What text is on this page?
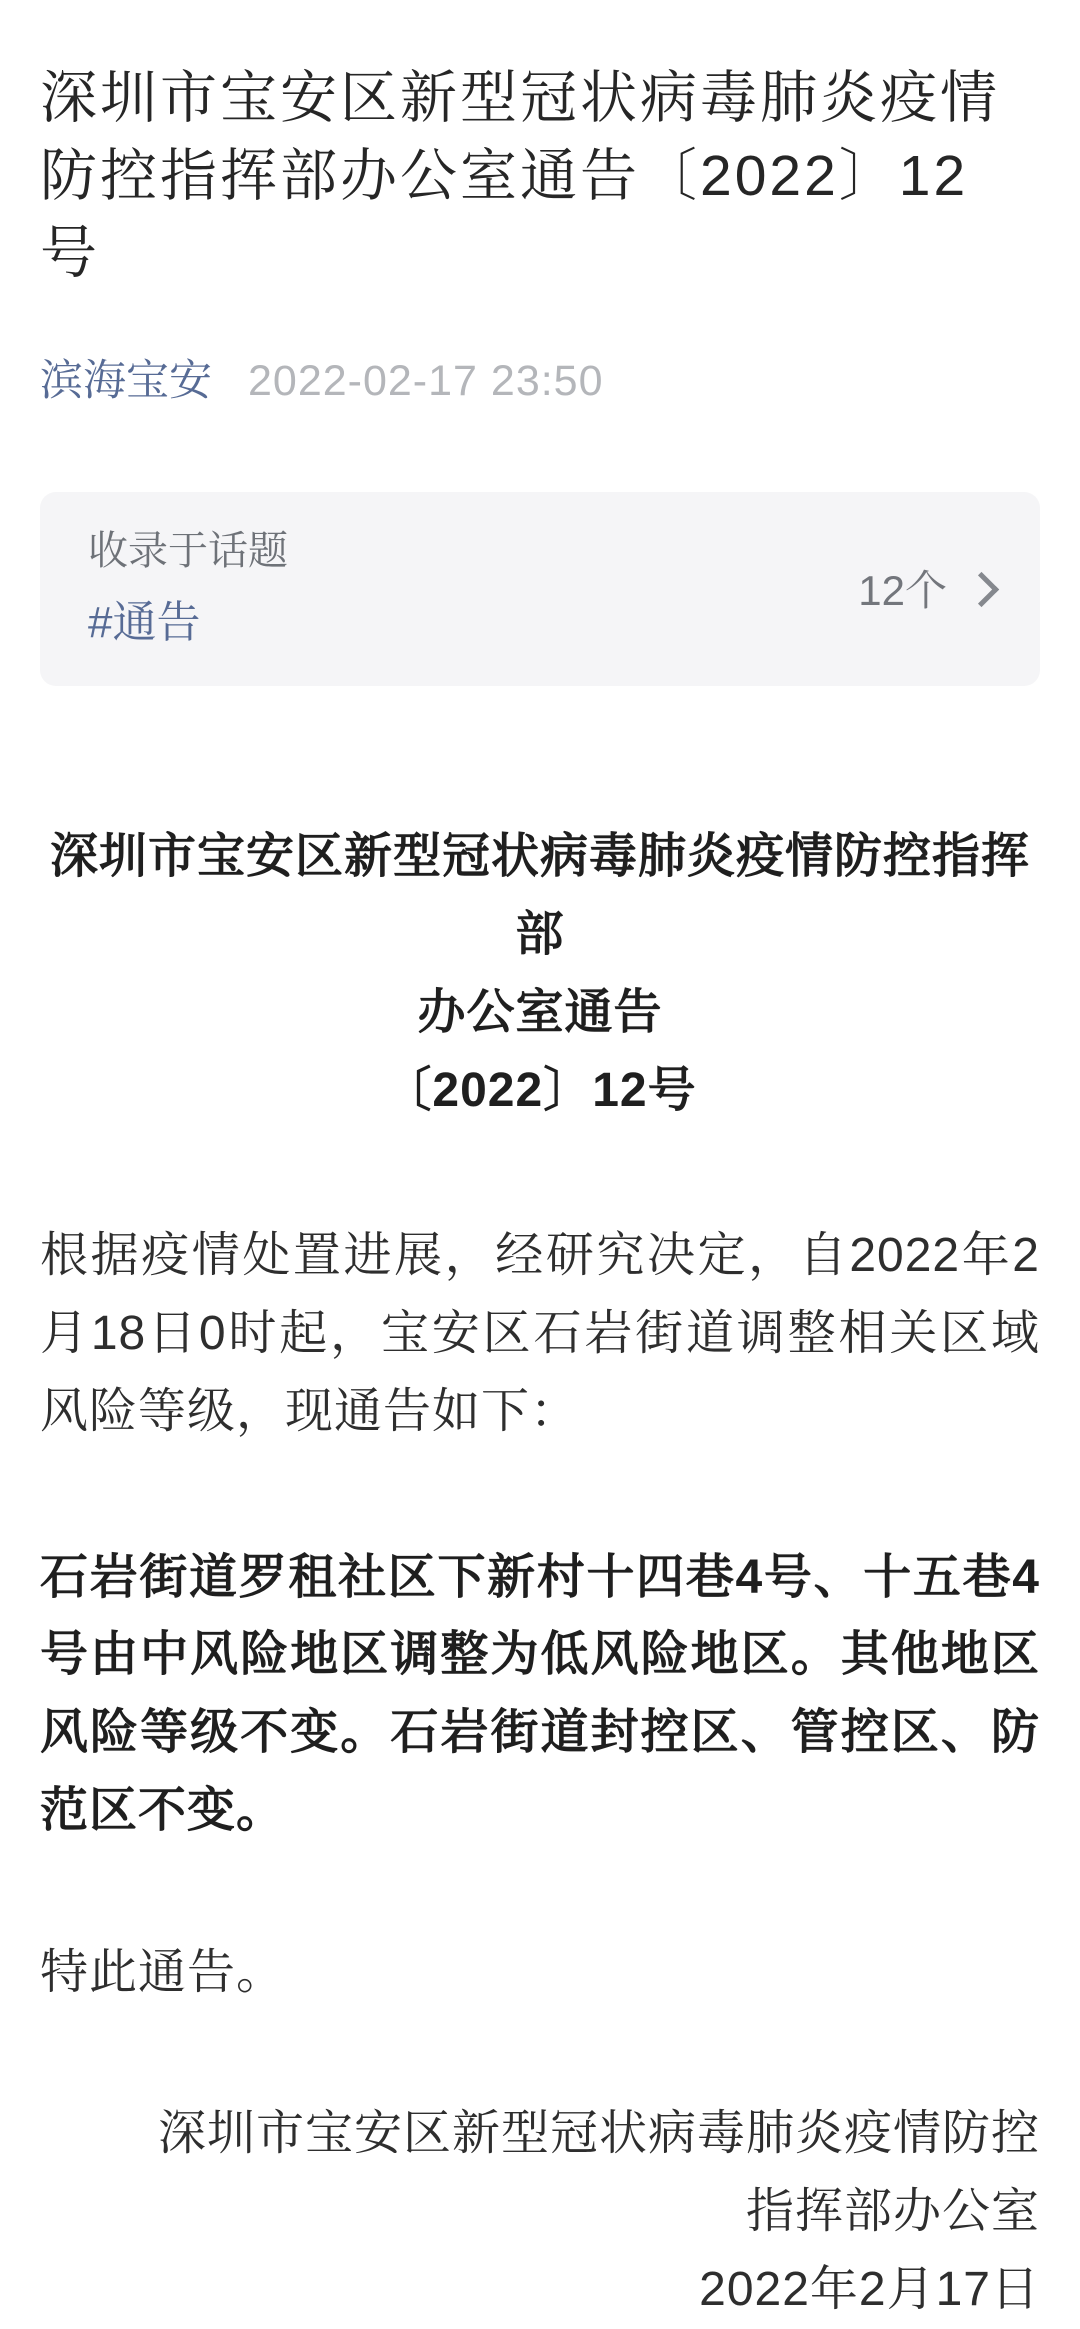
深圳市宝安区新型冠状病毒肺炎疫情
防控指挥部办公室通告〔2022〕12
号
滨海宝安 2022-02-17 23:50
收录于话题
#通告
12个
深圳市宝安区新型冠状病毒肺炎疫情防控指挥部
办公室通告
〔2022〕12号

根据疫情处置进展，经研究决定，自2022年2月18日0时起，宝安区石岩街道调整相关区域风险等级，现通告如下：

石岩街道罗租社区下新村十四巷4号、十五巷4号由中风险地区调整为低风险地区。其他地区风险等级不变。石岩街道封控区、管控区、防范区不变。

特此通告。

深圳市宝安区新型冠状病毒肺炎疫情防控
指挥部办公室
2022年2月17日
